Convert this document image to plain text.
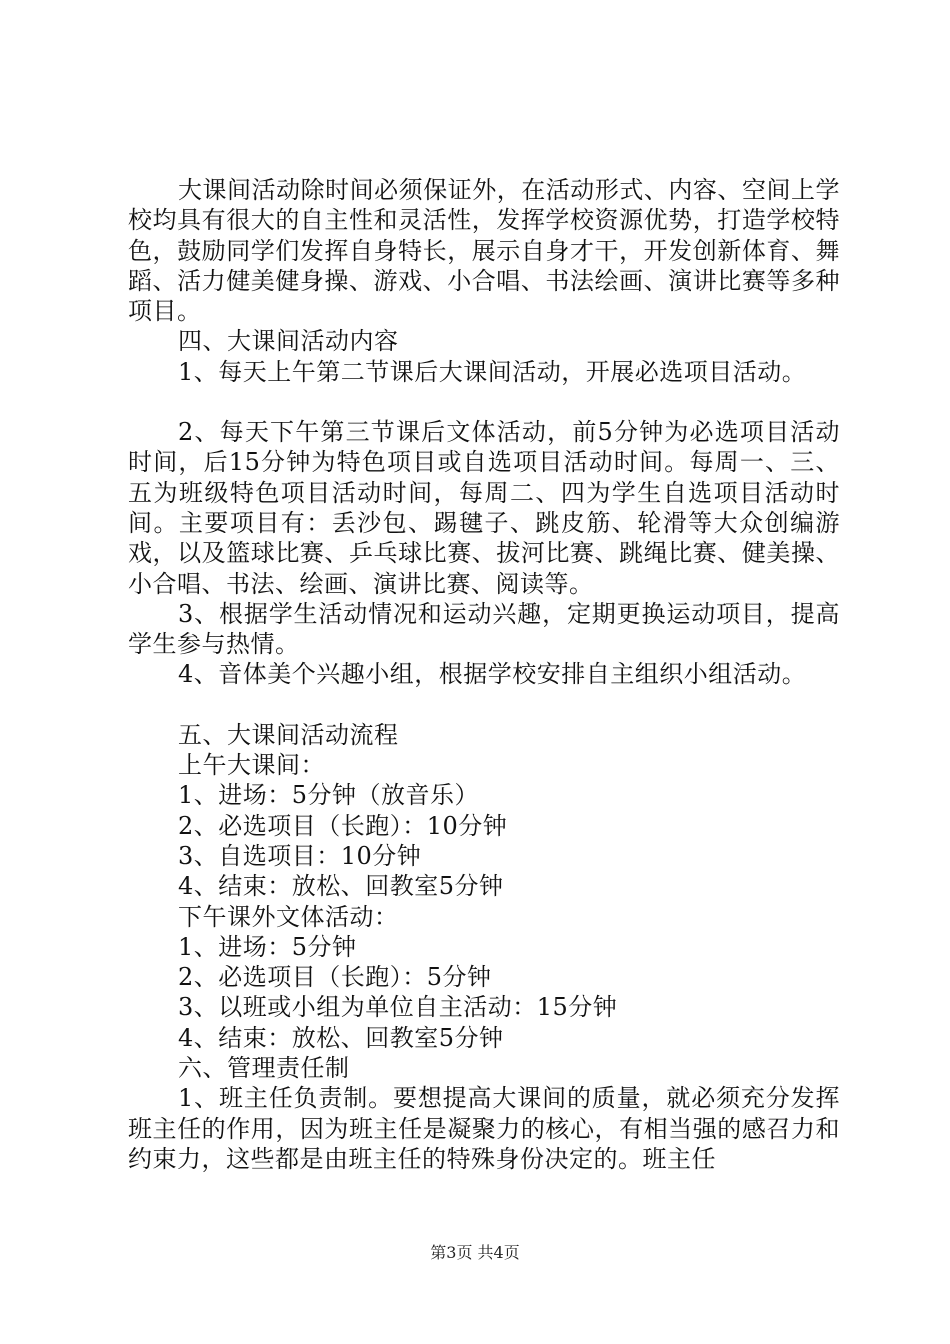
大课间活动除时间必须保证外，在活动形式、内容、空间上学校均具有很大的自主性和灵活性，发挥学校资源优势，打造学校特色，鼓励同学们发挥自身特长，展示自身才干，开发创新体育、舞蹈、活力健美健身操、游戏、小合唱、书法绘画、演讲比赛等多种项目。

四、大课间活动内容

1、每天上午第二节课后大课间活动，开展必选项目活动。

2、每天下午第三节课后文体活动，前5分钟为必选项目活动时间，后15分钟为特色项目或自选项目活动时间。每周一、三、五为班级特色项目活动时间，每周二、四为学生自选项目活动时间。主要项目有：丢沙包、踢毽子、跳皮筋、轮滑等大众创编游戏，以及篮球比赛、乒乓球比赛、拔河比赛、跳绳比赛、健美操、小合唱、书法、绘画、演讲比赛、阅读等。

3、根据学生活动情况和运动兴趣，定期更换运动项目，提高学生参与热情。

4、音体美个兴趣小组，根据学校安排自主组织小组活动。

五、大课间活动流程

上午大课间：

1、进场：5分钟（放音乐）

2、必选项目（长跑）：10分钟

3、自选项目：10分钟

4、结束：放松、回教室5分钟

下午课外文体活动：

1、进场：5分钟

2、必选项目（长跑）：5分钟

3、以班或小组为单位自主活动：15分钟

4、结束：放松、回教室5分钟

六、管理责任制

1、班主任负责制。要想提高大课间的质量，就必须充分发挥班主任的作用，因为班主任是凝聚力的核心，有相当强的感召力和约束力，这些都是由班主任的特殊身份决定的。班主任

第3页 共4页
